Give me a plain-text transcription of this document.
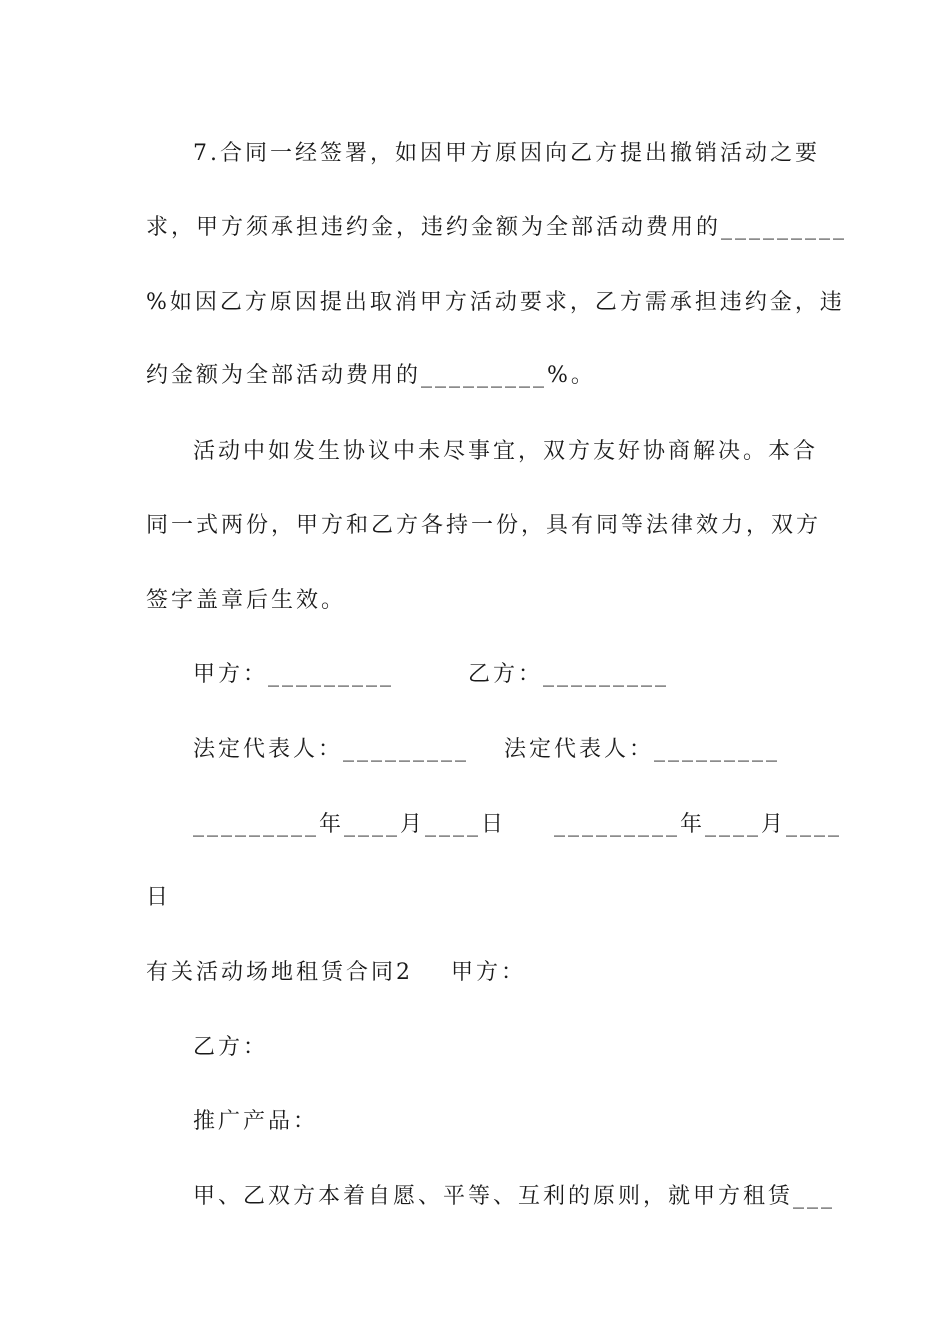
7.合同一经签署，如因甲方原因向乙方提出撤销活动之要
求，甲方须承担违约金，违约金额为全部活动费用的_________
%如因乙方原因提出取消甲方活动要求，乙方需承担违约金，违
约金额为全部活动费用的_________%。
活动中如发生协议中未尽事宜，双方友好协商解决。本合
同一式两份，甲方和乙方各持一份，具有同等法律效力，双方
签字盖章后生效。
甲方：_________	乙方：_________
法定代表人：_________ 法定代表人：_________
_________年____月____日 _________年____月____
日
有关活动场地租赁合同2 甲方：
乙方：
推广产品：
甲、乙双方本着自愿、平等、互利的原则，就甲方租赁___
